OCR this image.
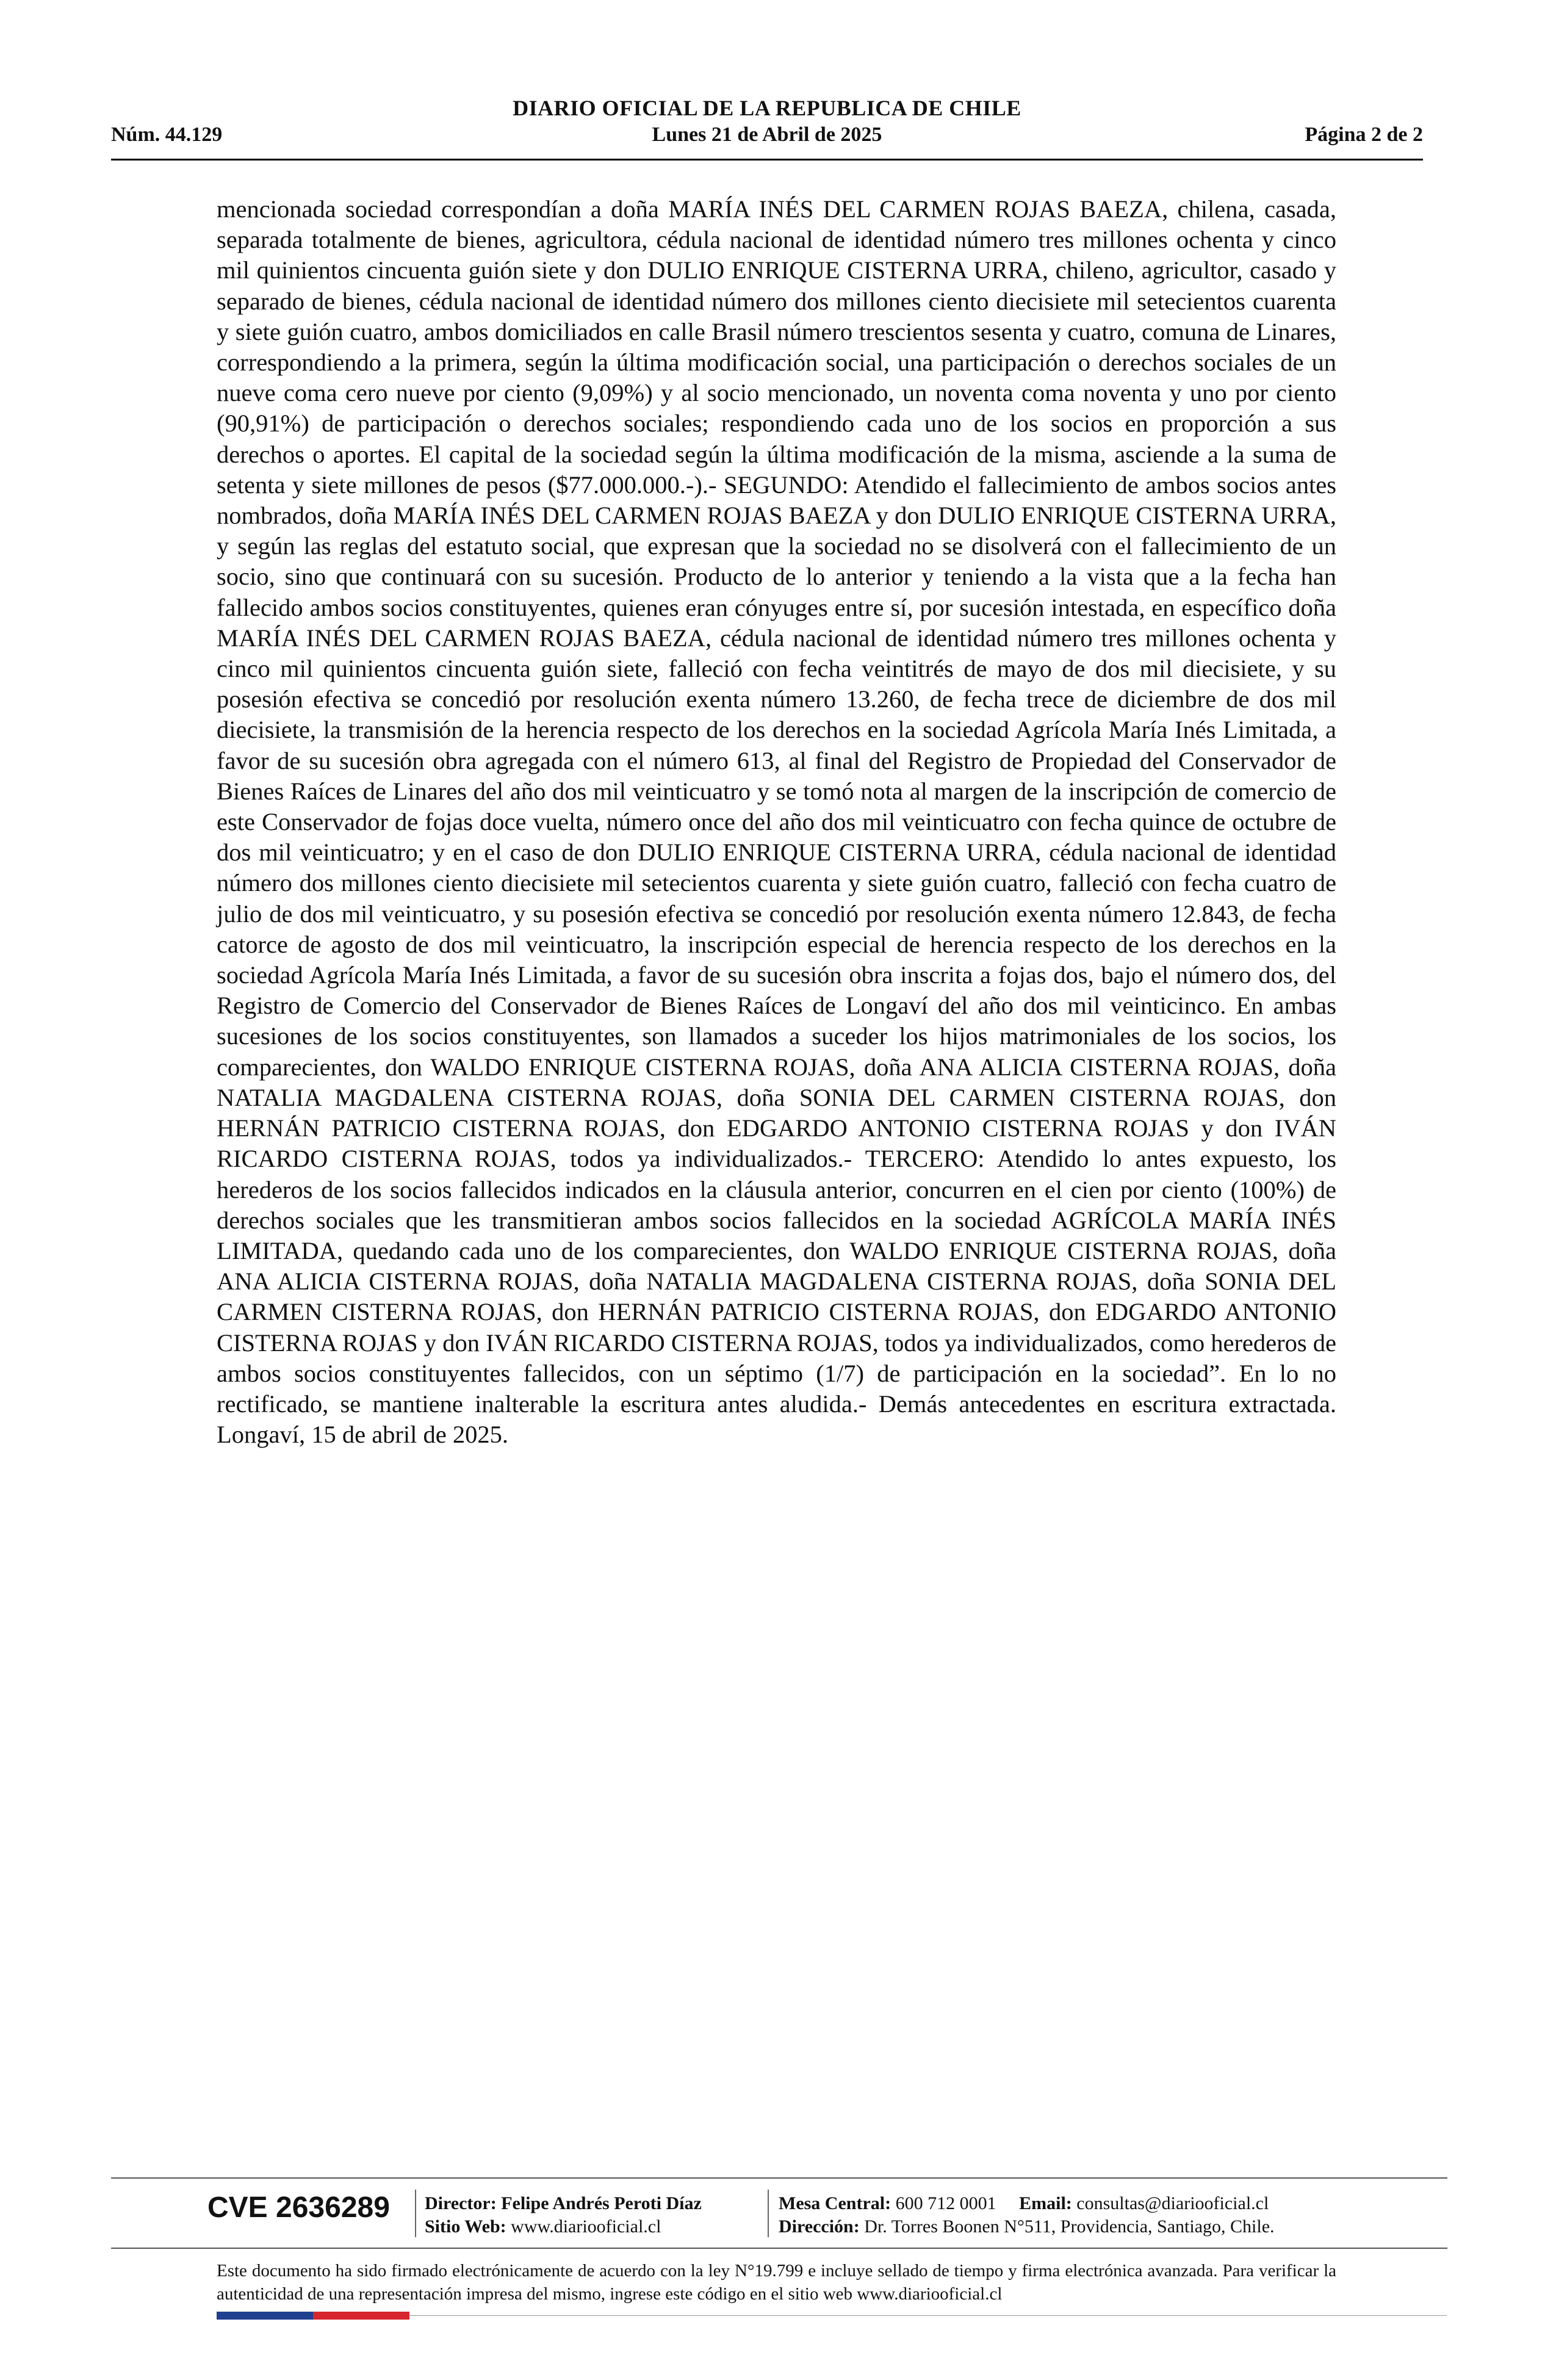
DIARIO OFICIAL DE LA REPUBLICA DE CHILE
Núm. 44.129	Lunes 21 de Abril de 2025	Página 2 de 2
mencionada sociedad correspondían a doña MARÍA INÉS DEL CARMEN ROJAS BAEZA, chilena, casada, separada totalmente de bienes, agricultora, cédula nacional de identidad número tres millones ochenta y cinco mil quinientos cincuenta guión siete y don DULIO ENRIQUE CISTERNA URRA, chileno, agricultor, casado y separado de bienes, cédula nacional de identidad número dos millones ciento diecisiete mil setecientos cuarenta y siete guión cuatro, ambos domiciliados en calle Brasil número trescientos sesenta y cuatro, comuna de Linares, correspondiendo a la primera, según la última modificación social, una participación o derechos sociales de un nueve coma cero nueve por ciento (9,09%) y al socio mencionado, un noventa coma noventa y uno por ciento (90,91%) de participación o derechos sociales; respondiendo cada uno de los socios en proporción a sus derechos o aportes. El capital de la sociedad según la última modificación de la misma, asciende a la suma de setenta y siete millones de pesos ($77.000.000.-).- SEGUNDO: Atendido el fallecimiento de ambos socios antes nombrados, doña MARÍA INÉS DEL CARMEN ROJAS BAEZA y don DULIO ENRIQUE CISTERNA URRA, y según las reglas del estatuto social, que expresan que la sociedad no se disolverá con el fallecimiento de un socio, sino que continuará con su sucesión. Producto de lo anterior y teniendo a la vista que a la fecha han fallecido ambos socios constituyentes, quienes eran cónyuges entre sí, por sucesión intestada, en específico doña MARÍA INÉS DEL CARMEN ROJAS BAEZA, cédula nacional de identidad número tres millones ochenta y cinco mil quinientos cincuenta guión siete, falleció con fecha veintitrés de mayo de dos mil diecisiete, y su posesión efectiva se concedió por resolución exenta número 13.260, de fecha trece de diciembre de dos mil diecisiete, la transmisión de la herencia respecto de los derechos en la sociedad Agrícola María Inés Limitada, a favor de su sucesión obra agregada con el número 613, al final del Registro de Propiedad del Conservador de Bienes Raíces de Linares del año dos mil veinticuatro y se tomó nota al margen de la inscripción de comercio de este Conservador de fojas doce vuelta, número once del año dos mil veinticuatro con fecha quince de octubre de dos mil veinticuatro; y en el caso de don DULIO ENRIQUE CISTERNA URRA, cédula nacional de identidad número dos millones ciento diecisiete mil setecientos cuarenta y siete guión cuatro, falleció con fecha cuatro de julio de dos mil veinticuatro, y su posesión efectiva se concedió por resolución exenta número 12.843, de fecha catorce de agosto de dos mil veinticuatro, la inscripción especial de herencia respecto de los derechos en la sociedad Agrícola María Inés Limitada, a favor de su sucesión obra inscrita a fojas dos, bajo el número dos, del Registro de Comercio del Conservador de Bienes Raíces de Longaví del año dos mil veinticinco. En ambas sucesiones de los socios constituyentes, son llamados a suceder los hijos matrimoniales de los socios, los comparecientes, don WALDO ENRIQUE CISTERNA ROJAS, doña ANA ALICIA CISTERNA ROJAS, doña NATALIA MAGDALENA CISTERNA ROJAS, doña SONIA DEL CARMEN CISTERNA ROJAS, don HERNÁN PATRICIO CISTERNA ROJAS, don EDGARDO ANTONIO CISTERNA ROJAS y don IVÁN RICARDO CISTERNA ROJAS, todos ya individualizados.- TERCERO: Atendido lo antes expuesto, los herederos de los socios fallecidos indicados en la cláusula anterior, concurren en el cien por ciento (100%) de derechos sociales que les transmitieran ambos socios fallecidos en la sociedad AGRÍCOLA MARÍA INÉS LIMITADA, quedando cada uno de los comparecientes, don WALDO ENRIQUE CISTERNA ROJAS, doña ANA ALICIA CISTERNA ROJAS, doña NATALIA MAGDALENA CISTERNA ROJAS, doña SONIA DEL CARMEN CISTERNA ROJAS, don HERNÁN PATRICIO CISTERNA ROJAS, don EDGARDO ANTONIO CISTERNA ROJAS y don IVÁN RICARDO CISTERNA ROJAS, todos ya individualizados, como herederos de ambos socios constituyentes fallecidos, con un séptimo (1/7) de participación en la sociedad”. En lo no rectificado, se mantiene inalterable la escritura antes aludida.- Demás antecedentes en escritura extractada. Longaví, 15 de abril de 2025.
CVE 2636289 Director: Felipe Andrés Peroti Díaz
Sitio Web: www.diariooficial.cl
Mesa Central: 600 712 0001 Email: consultas@diariooficial.cl
Dirección: Dr. Torres Boonen N°511, Providencia, Santiago, Chile.
Este documento ha sido firmado electrónicamente de acuerdo con la ley N°19.799 e incluye sellado de tiempo y firma electrónica avanzada. Para verificar la autenticidad de una representación impresa del mismo, ingrese este código en el sitio web www.diariooficial.cl
